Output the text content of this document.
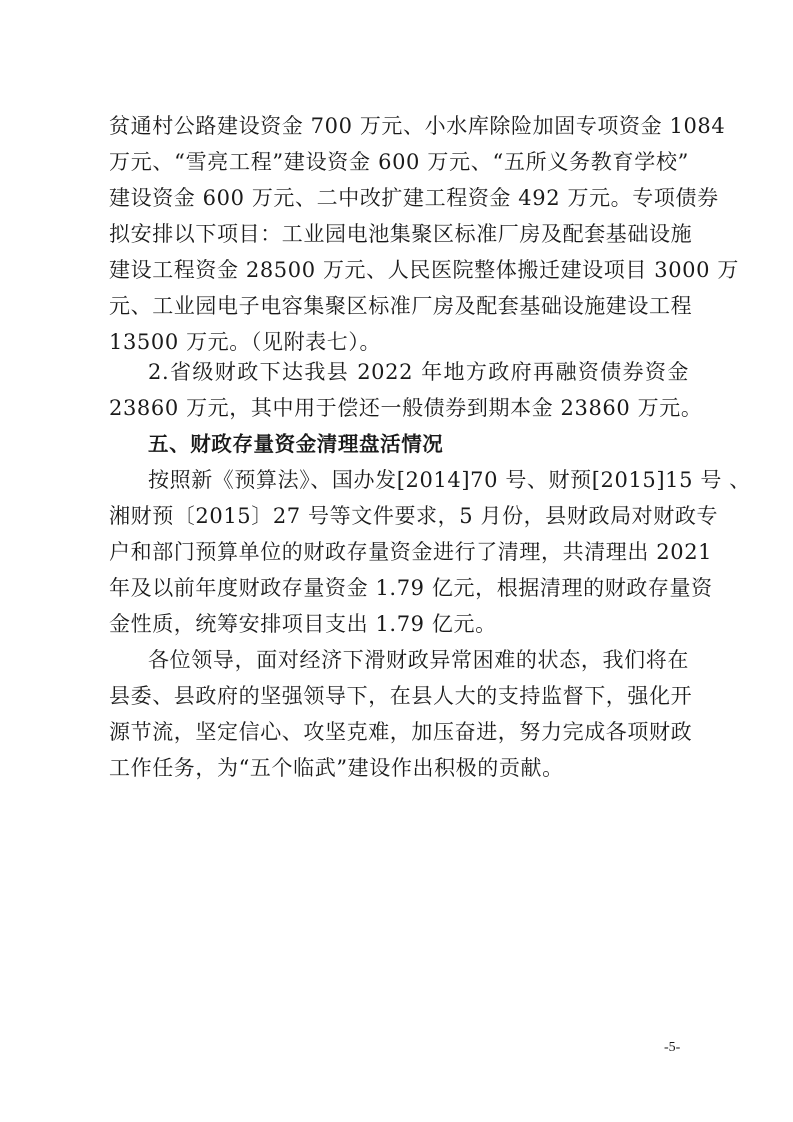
贫通村公路建设资金 700 万元、小水库除险加固专项资金 1084
万元、“雪亮工程”建设资金 600 万元、“五所义务教育学校”
建设资金 600 万元、二中改扩建工程资金 492 万元。专项债券
拟安排以下项目：工业园电池集聚区标准厂房及配套基础设施
建设工程资金 28500 万元、人民医院整体搬迁建设项目 3000 万
元、工业园电子电容集聚区标准厂房及配套基础设施建设工程
13500 万元。（见附表七）。
2.省级财政下达我县 2022 年地方政府再融资债券资金
23860 万元，其中用于偿还一般债券到期本金 23860 万元。
五、财政存量资金清理盘活情况
按照新《预算法》、国办发[2014]70 号、财预[2015]15 号 、
湘财预〔2015〕27 号等文件要求，5 月份，县财政局对财政专
户和部门预算单位的财政存量资金进行了清理，共清理出 2021
年及以前年度财政存量资金 1.79 亿元，根据清理的财政存量资
金性质，统筹安排项目支出 1.79 亿元。
各位领导，面对经济下滑财政异常困难的状态，我们将在
县委、县政府的坚强领导下，在县人大的支持监督下，强化开
源节流，坚定信心、攻坚克难，加压奋进，努力完成各项财政
工作任务，为“五个临武”建设作出积极的贡献。
-5-
